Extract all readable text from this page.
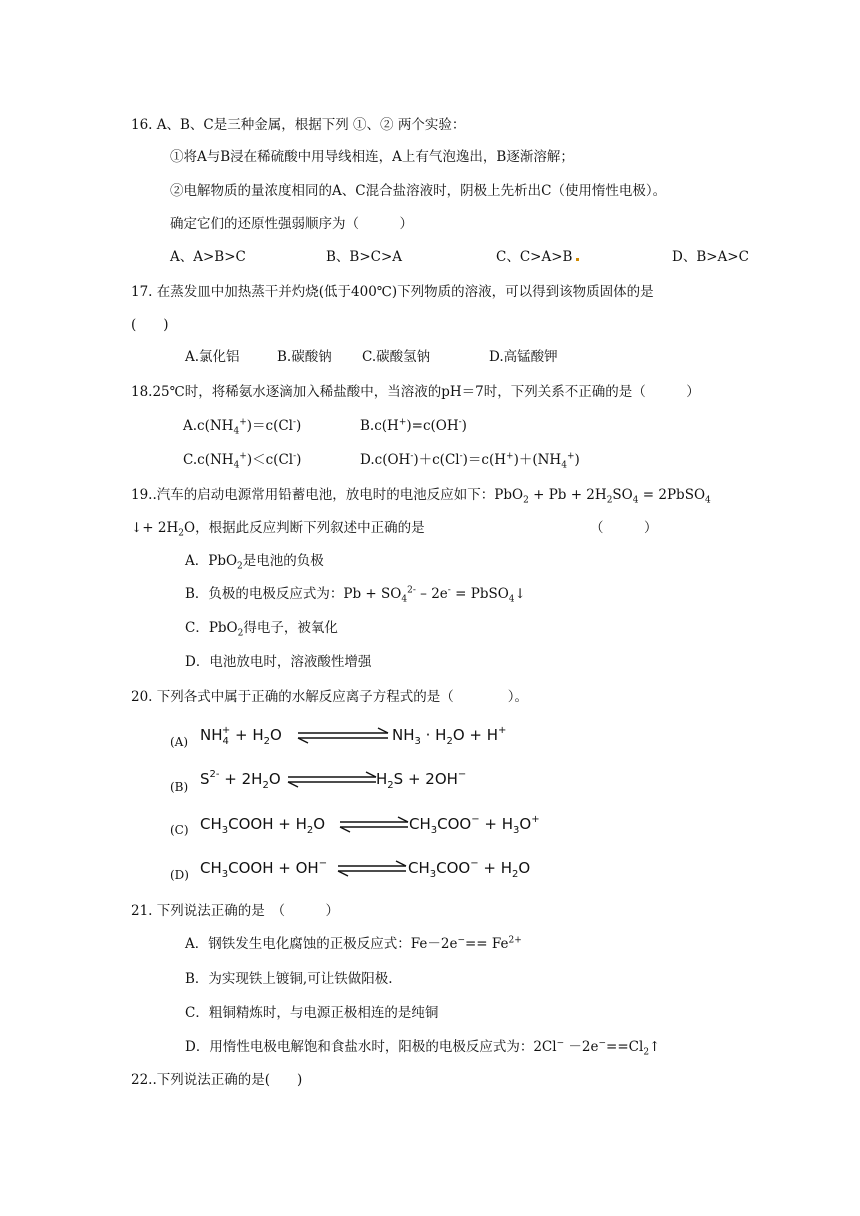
16. A、B、C是三种金属，根据下列 ①、② 两个实验：
①将A与B浸在稀硫酸中用导线相连，A上有气泡逸出，B逐渐溶解；
②电解物质的量浓度相同的A、C混合盐溶液时，阴极上先析出C（使用惰性电极）。
确定它们的还原性强弱顺序为（　　　）
A、A>B>C	B、B>C>A	C、C>A>B	D、B>A>C
17. 在蒸发皿中加热蒸干并灼烧(低于400℃)下列物质的溶液，可以得到该物质固体的是
(　　)
A.氯化铝	B.碳酸钠 C.碳酸氢钠	D.高锰酸钾
18.25℃时，将稀氨水逐滴加入稀盐酸中，当溶液的pH＝7时，下列关系不正确的是（　　　）
$A.c(NH_4^+)=c(Cl^-)$	B.c(H+)=c(OH-)
$C.c(NH_4^+)<c(Cl^-)$	$D.c(OH^-)+c(Cl^-)=c(H^+)+(NH_4^+)$
19..汽车的启动电源常用铅蓄电池，放电时的电池反应如下：$PbO_2 + Pb + 2H_2SO_4$ = 2PbSO$_4$
↓+ $2H_2O$，根据此反应判断下列叙述中正确的是	（　　　）
A．PbO$_2$是电池的负极
B．负极的电极反应式为：$Pb + SO_4^{2-} - 2e^-$ = PbSO$_4$↓
C．PbO$_2$得电子，被氧化
D．电池放电时，溶液酸性增强
20. 下列各式中属于正确的水解反应离子方程式的是（　　　　）。
(A) $NH_4+ + H_2O$	$NH_3 \cdot H_2O + H^+$
(B) $S^{2-} + 2H_2O$	$H_2S + 2OH^-$
(C) $CH_3COOH + H_2O$	$CH_3COO^- + H_3O^+$
(D) $CH_3COOH + OH^-$	$CH_3COO^- + H_2O$
21. 下列说法正确的是　（　　　）
A．钢铁发生电化腐蚀的正极反应式：$Fe-2e^-== Fe^{2+}$
B．为实现铁上镀铜,可让铁做阳极.
C．粗铜精炼时，与电源正极相连的是纯铜
D．用惰性电极电解饱和食盐水时，阳极的电极反应式为：$2Cl^- -2e^-==Cl_2↑$
22..下列说法正确的是(　　)
